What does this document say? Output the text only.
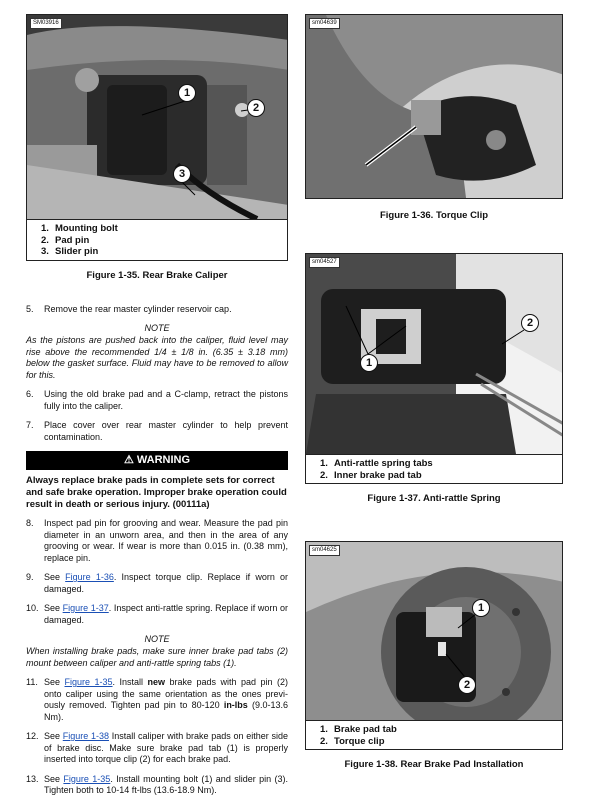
SM03916
1
2
3
1. Mounting bolt
2. Pad pin
3. Slider pin
Figure 1-35. Rear Brake Caliper
5.	Remove the rear master cylinder reservoir cap.
NOTE
As the pistons are pushed back into the caliper, fluid level may rise above the recommended 1/4 ± 1/8 in. (6.35 ± 3.18 mm) below the gasket surface. Fluid may have to be removed to allow for this.
6.	Using the old brake pad and a C-clamp, retract the pistons fully into the caliper.
7.	Place cover over rear master cylinder to help prevent contamination.
⚠ WARNING
Always replace brake pads in complete sets for correct and safe brake operation. Improper brake operation could result in death or serious injury. (00111a)
8.	Inspect pad pin for grooving and wear. Measure the pad pin diameter in an unworn area, and then in the area of any grooving or wear. If wear is more than 0.015 in. (0.38 mm), replace pin.
9.	See Figure 1-36. Inspect torque clip. Replace if worn or damaged.
10. See Figure 1-37. Inspect anti-rattle spring. Replace if worn or damaged.
NOTE
When installing brake pads, make sure inner brake pad tabs (2) mount between caliper and anti-rattle spring tabs (1).
11. See Figure 1-35. Install new brake pads with pad pin (2) onto caliper using the same orientation as the ones previ-ously removed. Tighten pad pin to 80-120 in-lbs (9.0-13.6 Nm).
12. See Figure 1-38 Install caliper with brake pads on either side of brake disc. Make sure brake pad tab (1) is properly inserted into torque clip (2) for each brake pad.
13. See Figure 1-35. Install mounting bolt (1) and slider pin (3). Tighten both to 10-14 ft-lbs (13.6-18.9 Nm).
sm04639
Figure 1-36. Torque Clip
sm04527
1
2
1. Anti-rattle spring tabs
2. Inner brake pad tab
Figure 1-37. Anti-rattle Spring
sm04625
1
2
1. Brake pad tab
2. Torque clip
Figure 1-38. Rear Brake Pad Installation
